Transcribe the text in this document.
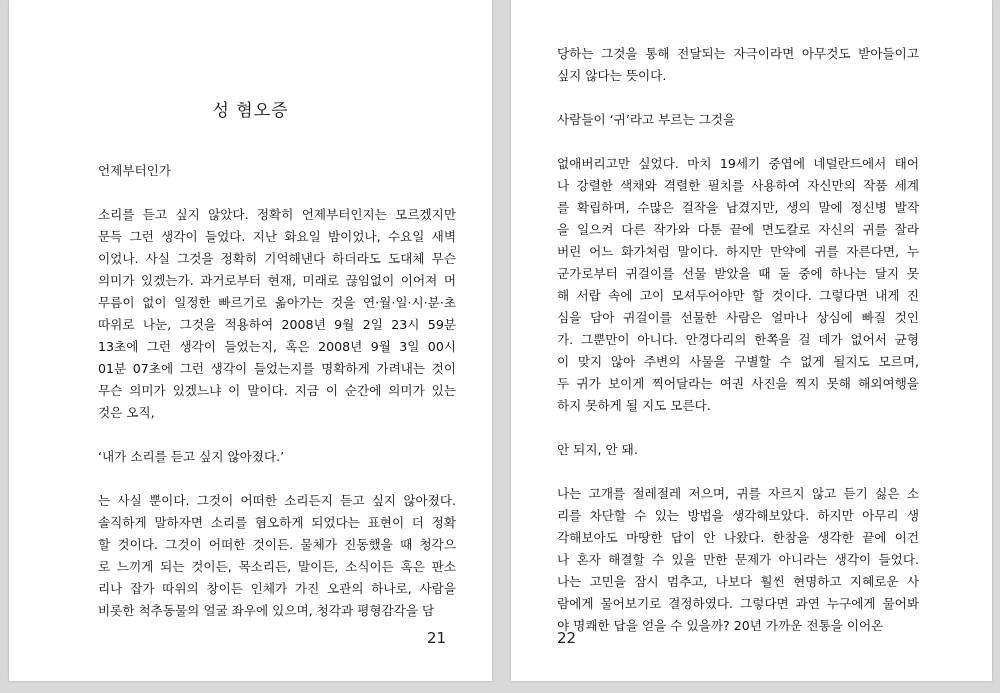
성 혐오증
언제부터인가
소리를 듣고 싶지 않았다. 정확히 언제부터인지는 모르겠지만
문득 그런 생각이 들었다. 지난 화요일 밤이었나, 수요일 새벽
이었나. 사실 그것을 정확히 기억해낸다 하더라도 도대체 무슨
의미가 있겠는가. 과거로부터 현재, 미래로 끊임없이 이어져 머
무름이 없이 일정한 빠르기로 옮아가는 것을 연·월·일·시·분·초
따위로 나눈, 그것을 적용하여 2008년 9월 2일 23시 59분
13초에 그런 생각이 들었는지, 혹은 2008년 9월 3일 00시
01분 07초에 그런 생각이 들었는지를 명확하게 가려내는 것이
무슨 의미가 있겠느냐 이 말이다. 지금 이 순간에 의미가 있는
것은 오직,
‘내가 소리를 듣고 싶지 않아졌다.’
는 사실 뿐이다. 그것이 어떠한 소리든지 듣고 싶지 않아졌다.
솔직하게 말하자면 소리를 혐오하게 되었다는 표현이 더 정확
할 것이다. 그것이 어떠한 것이든. 물체가 진동했을 때 청각으
로 느끼게 되는 것이든, 목소리든, 말이든, 소식이든 혹은 판소
리나 잡가 따위의 창이든 인체가 가진 오관의 하나로, 사람을
비롯한 척추동물의 얼굴 좌우에 있으며, 청각과 평형감각을 담
21
당하는 그것을 통해 전달되는 자극이라면 아무것도 받아들이고
싶지 않다는 뜻이다.
사람들이 ‘귀’라고 부르는 그것을
없애버리고만 싶었다. 마치 19세기 중엽에 네덜란드에서 태어
나 강렬한 색채와 격렬한 필치를 사용하여 자신만의 작품 세계
를 확립하며, 수많은 걸작을 남겼지만, 생의 말에 정신병 발작
을 일으켜 다른 작가와 다툰 끝에 면도칼로 자신의 귀를 잘라
버린 어느 화가처럼 말이다. 하지만 만약에 귀를 자른다면, 누
군가로부터 귀걸이를 선물 받았을 때 둘 중에 하나는 달지 못
해 서랍 속에 고이 모셔두어야만 할 것이다. 그렇다면 내게 진
심을 담아 귀걸이를 선물한 사람은 얼마나 상심에 빠질 것인
가. 그뿐만이 아니다. 안경다리의 한쪽을 걸 데가 없어서 균형
이 맞지 않아 주변의 사물을 구별할 수 없게 될지도 모르며,
두 귀가 보이게 찍어달라는 여권 사진을 찍지 못해 해외여행을
하지 못하게 될 지도 모른다.
안 되지, 안 돼.
나는 고개를 절레절레 저으며, 귀를 자르지 않고 듣기 싫은 소
리를 차단할 수 있는 방법을 생각해보았다. 하지만 아무리 생
각해보아도 마땅한 답이 안 나왔다. 한참을 생각한 끝에 이건
나 혼자 해결할 수 있을 만한 문제가 아니라는 생각이 들었다.
나는 고민을 잠시 멈추고, 나보다 훨씬 현명하고 지혜로운 사
람에게 물어보기로 결정하였다. 그렇다면 과연 누구에게 물어봐
야 명쾌한 답을 얻을 수 있을까? 20년 가까운 전통을 이어온
22
